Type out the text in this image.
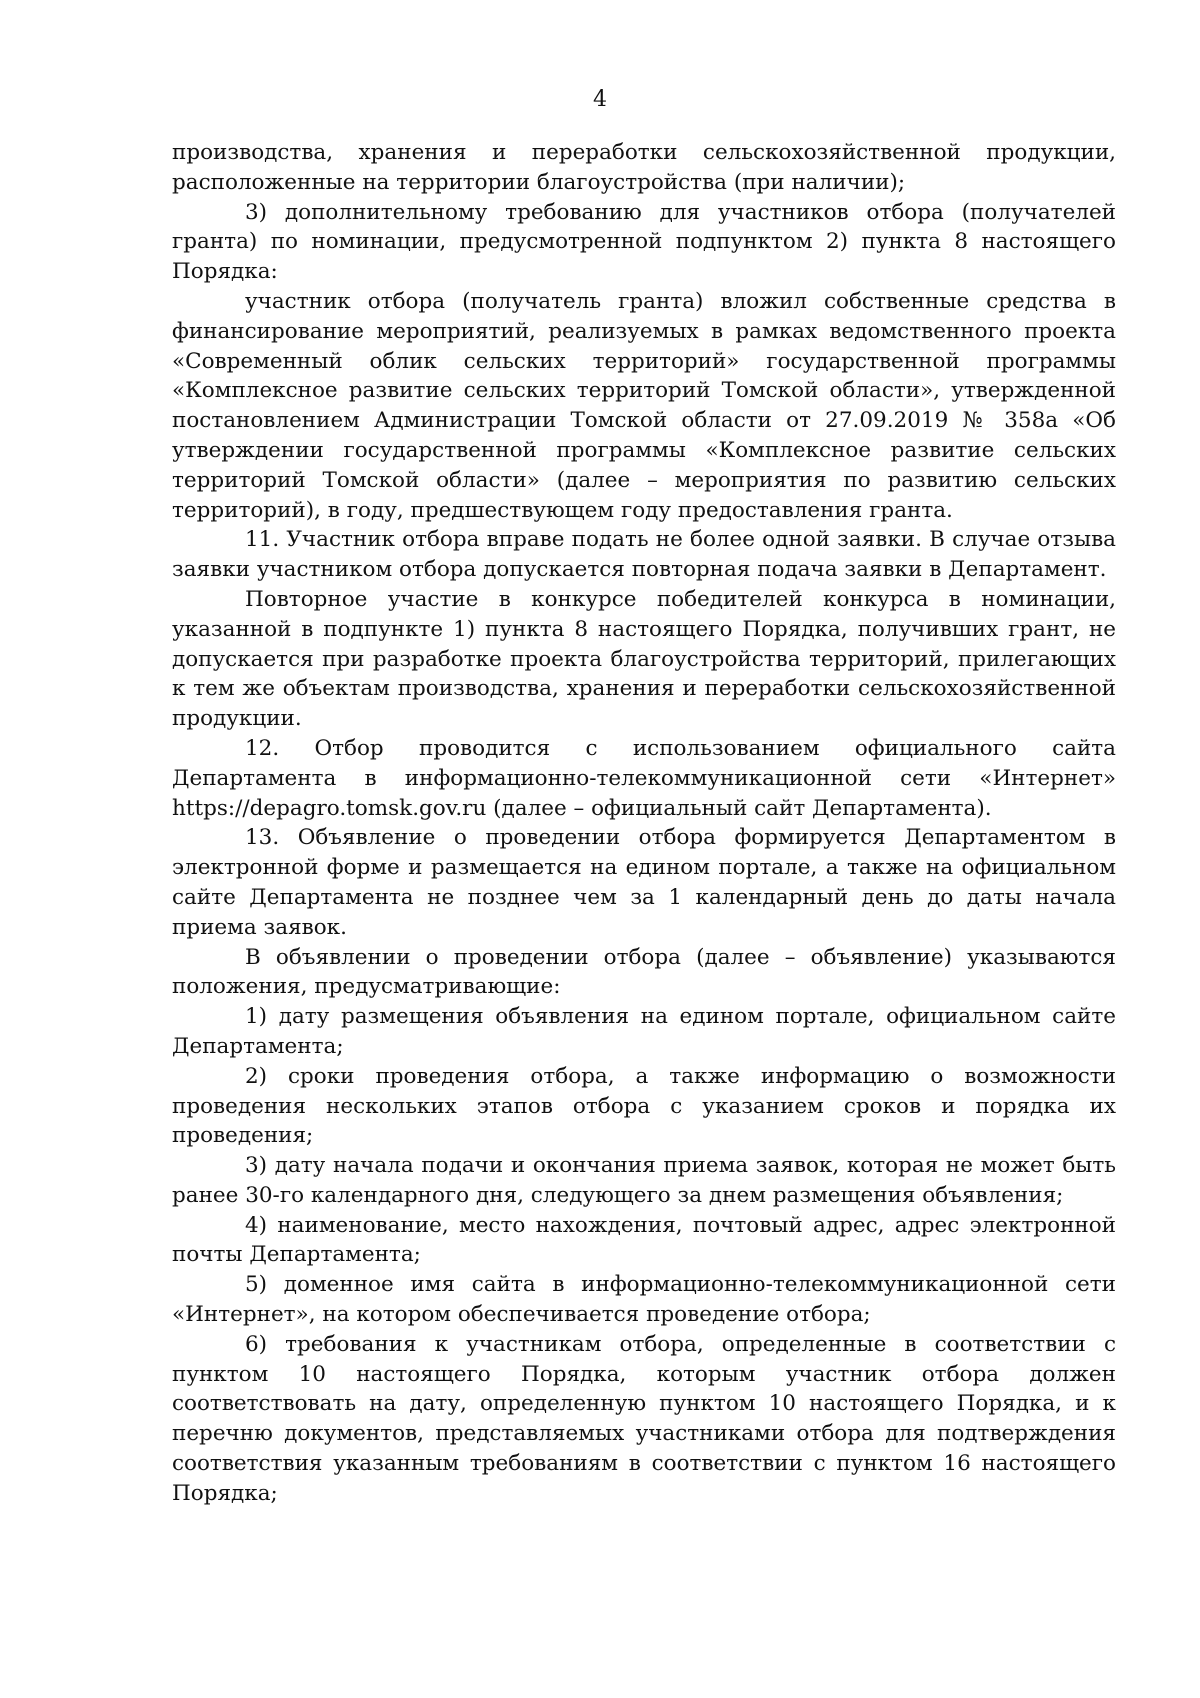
4

производства, хранения и переработки сельскохозяйственной продукции, расположенные на территории благоустройства (при наличии);

3) дополнительному требованию для участников отбора (получателей гранта) по номинации, предусмотренной подпунктом 2) пункта 8 настоящего Порядка:

участник отбора (получатель гранта) вложил собственные средства в финансирование мероприятий, реализуемых в рамках ведомственного проекта «Современный облик сельских территорий» государственной программы «Комплексное развитие сельских территорий Томской области», утвержденной постановлением Администрации Томской области от 27.09.2019 № 358а «Об утверждении государственной программы «Комплексное развитие сельских территорий Томской области» (далее – мероприятия по развитию сельских территорий), в году, предшествующем году предоставления гранта.

11. Участник отбора вправе подать не более одной заявки. В случае отзыва заявки участником отбора допускается повторная подача заявки в Департамент.

Повторное участие в конкурсе победителей конкурса в номинации, указанной в подпункте 1) пункта 8 настоящего Порядка, получивших грант, не допускается при разработке проекта благоустройства территорий, прилегающих к тем же объектам производства, хранения и переработки сельскохозяйственной продукции.

12. Отбор проводится с использованием официального сайта Департамента в информационно-телекоммуникационной сети «Интернет» https://depagro.tomsk.gov.ru (далее – официальный сайт Департамента).

13. Объявление о проведении отбора формируется Департаментом в электронной форме и размещается на едином портале, а также на официальном сайте Департамента не позднее чем за 1 календарный день до даты начала приема заявок.

В объявлении о проведении отбора (далее – объявление) указываются положения, предусматривающие:

1) дату размещения объявления на едином портале, официальном сайте Департамента;

2) сроки проведения отбора, а также информацию о возможности проведения нескольких этапов отбора с указанием сроков и порядка их проведения;

3) дату начала подачи и окончания приема заявок, которая не может быть ранее 30-го календарного дня, следующего за днем размещения объявления;

4) наименование, место нахождения, почтовый адрес, адрес электронной почты Департамента;

5) доменное имя сайта в информационно-телекоммуникационной сети «Интернет», на котором обеспечивается проведение отбора;

6) требования к участникам отбора, определенные в соответствии с пунктом 10 настоящего Порядка, которым участник отбора должен соответствовать на дату, определенную пунктом 10 настоящего Порядка, и к перечню документов, представляемых участниками отбора для подтверждения соответствия указанным требованиям в соответствии с пунктом 16 настоящего Порядка;
